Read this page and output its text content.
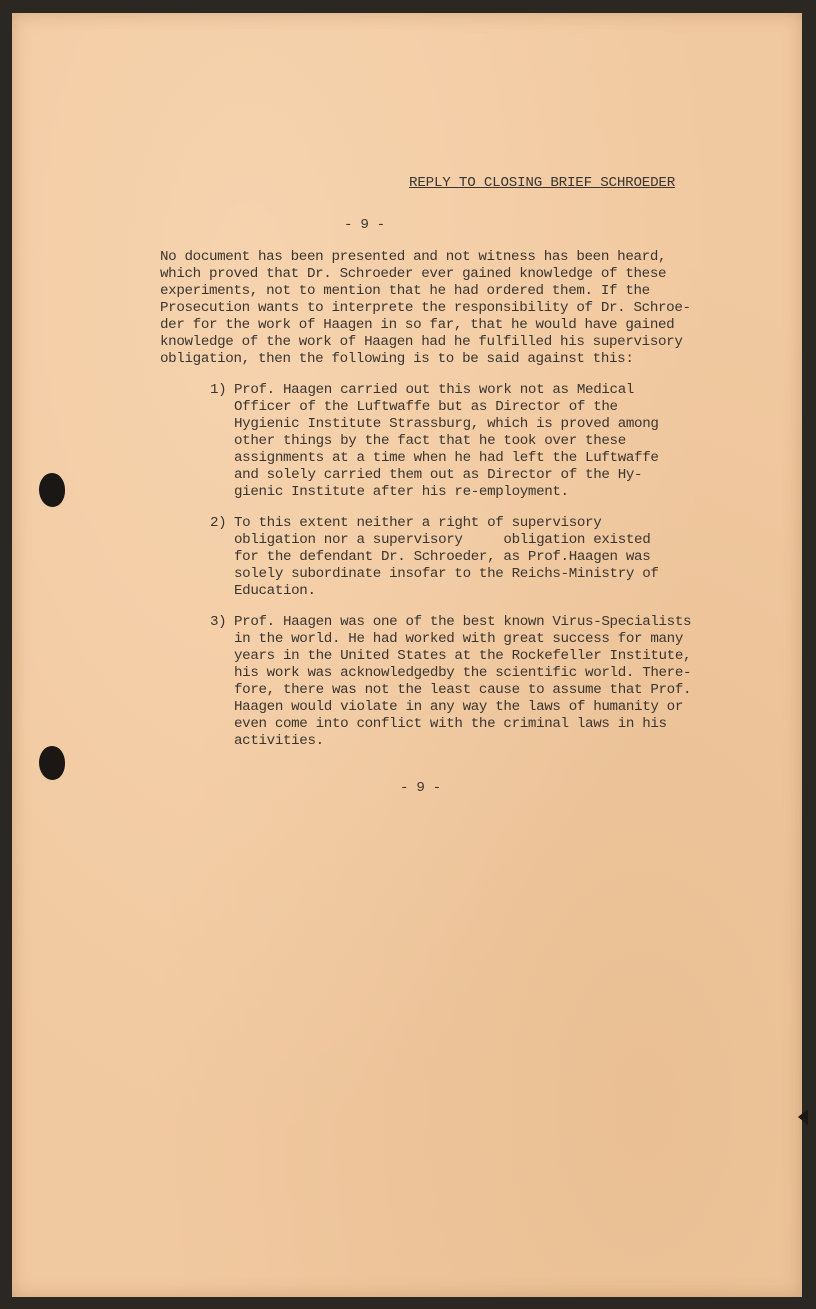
REPLY TO CLOSING BRIEF SCHROEDER
- 9 -
No document has been presented and not witness has been heard,
which proved that Dr. Schroeder ever gained knowledge of these
experiments, not to mention that he had ordered them. If the
Prosecution wants to interprete the responsibility of Dr. Schroe-
der for the work of Haagen in so far, that he would have gained
knowledge of the work of Haagen had he fulfilled his supervisory
obligation, then the following is to be said against this:
1) Prof. Haagen carried out this work not as Medical
Officer of the Luftwaffe but as Director of the
Hygienic Institute Strassburg, which is proved among
other things by the fact that he took over these
assignments at a time when he had left the Luftwaffe
and solely carried them out as Director of the Hy-
gienic Institute after his re-employment.
2) To this extent neither a right of supervisory
obligation nor a supervisory     obligation existed
for the defendant Dr. Schroeder, as Prof.Haagen was
solely subordinate insofar to the Reichs-Ministry of
Education.
3) Prof. Haagen was one of the best known Virus-Specialists
in the world. He had worked with great success for many
years in the United States at the Rockefeller Institute,
his work was acknowledgedby the scientific world. There-
fore, there was not the least cause to assume that Prof.
Haagen would violate in any way the laws of humanity or
even come into conflict with the criminal laws in his
activities.
- 9 -
